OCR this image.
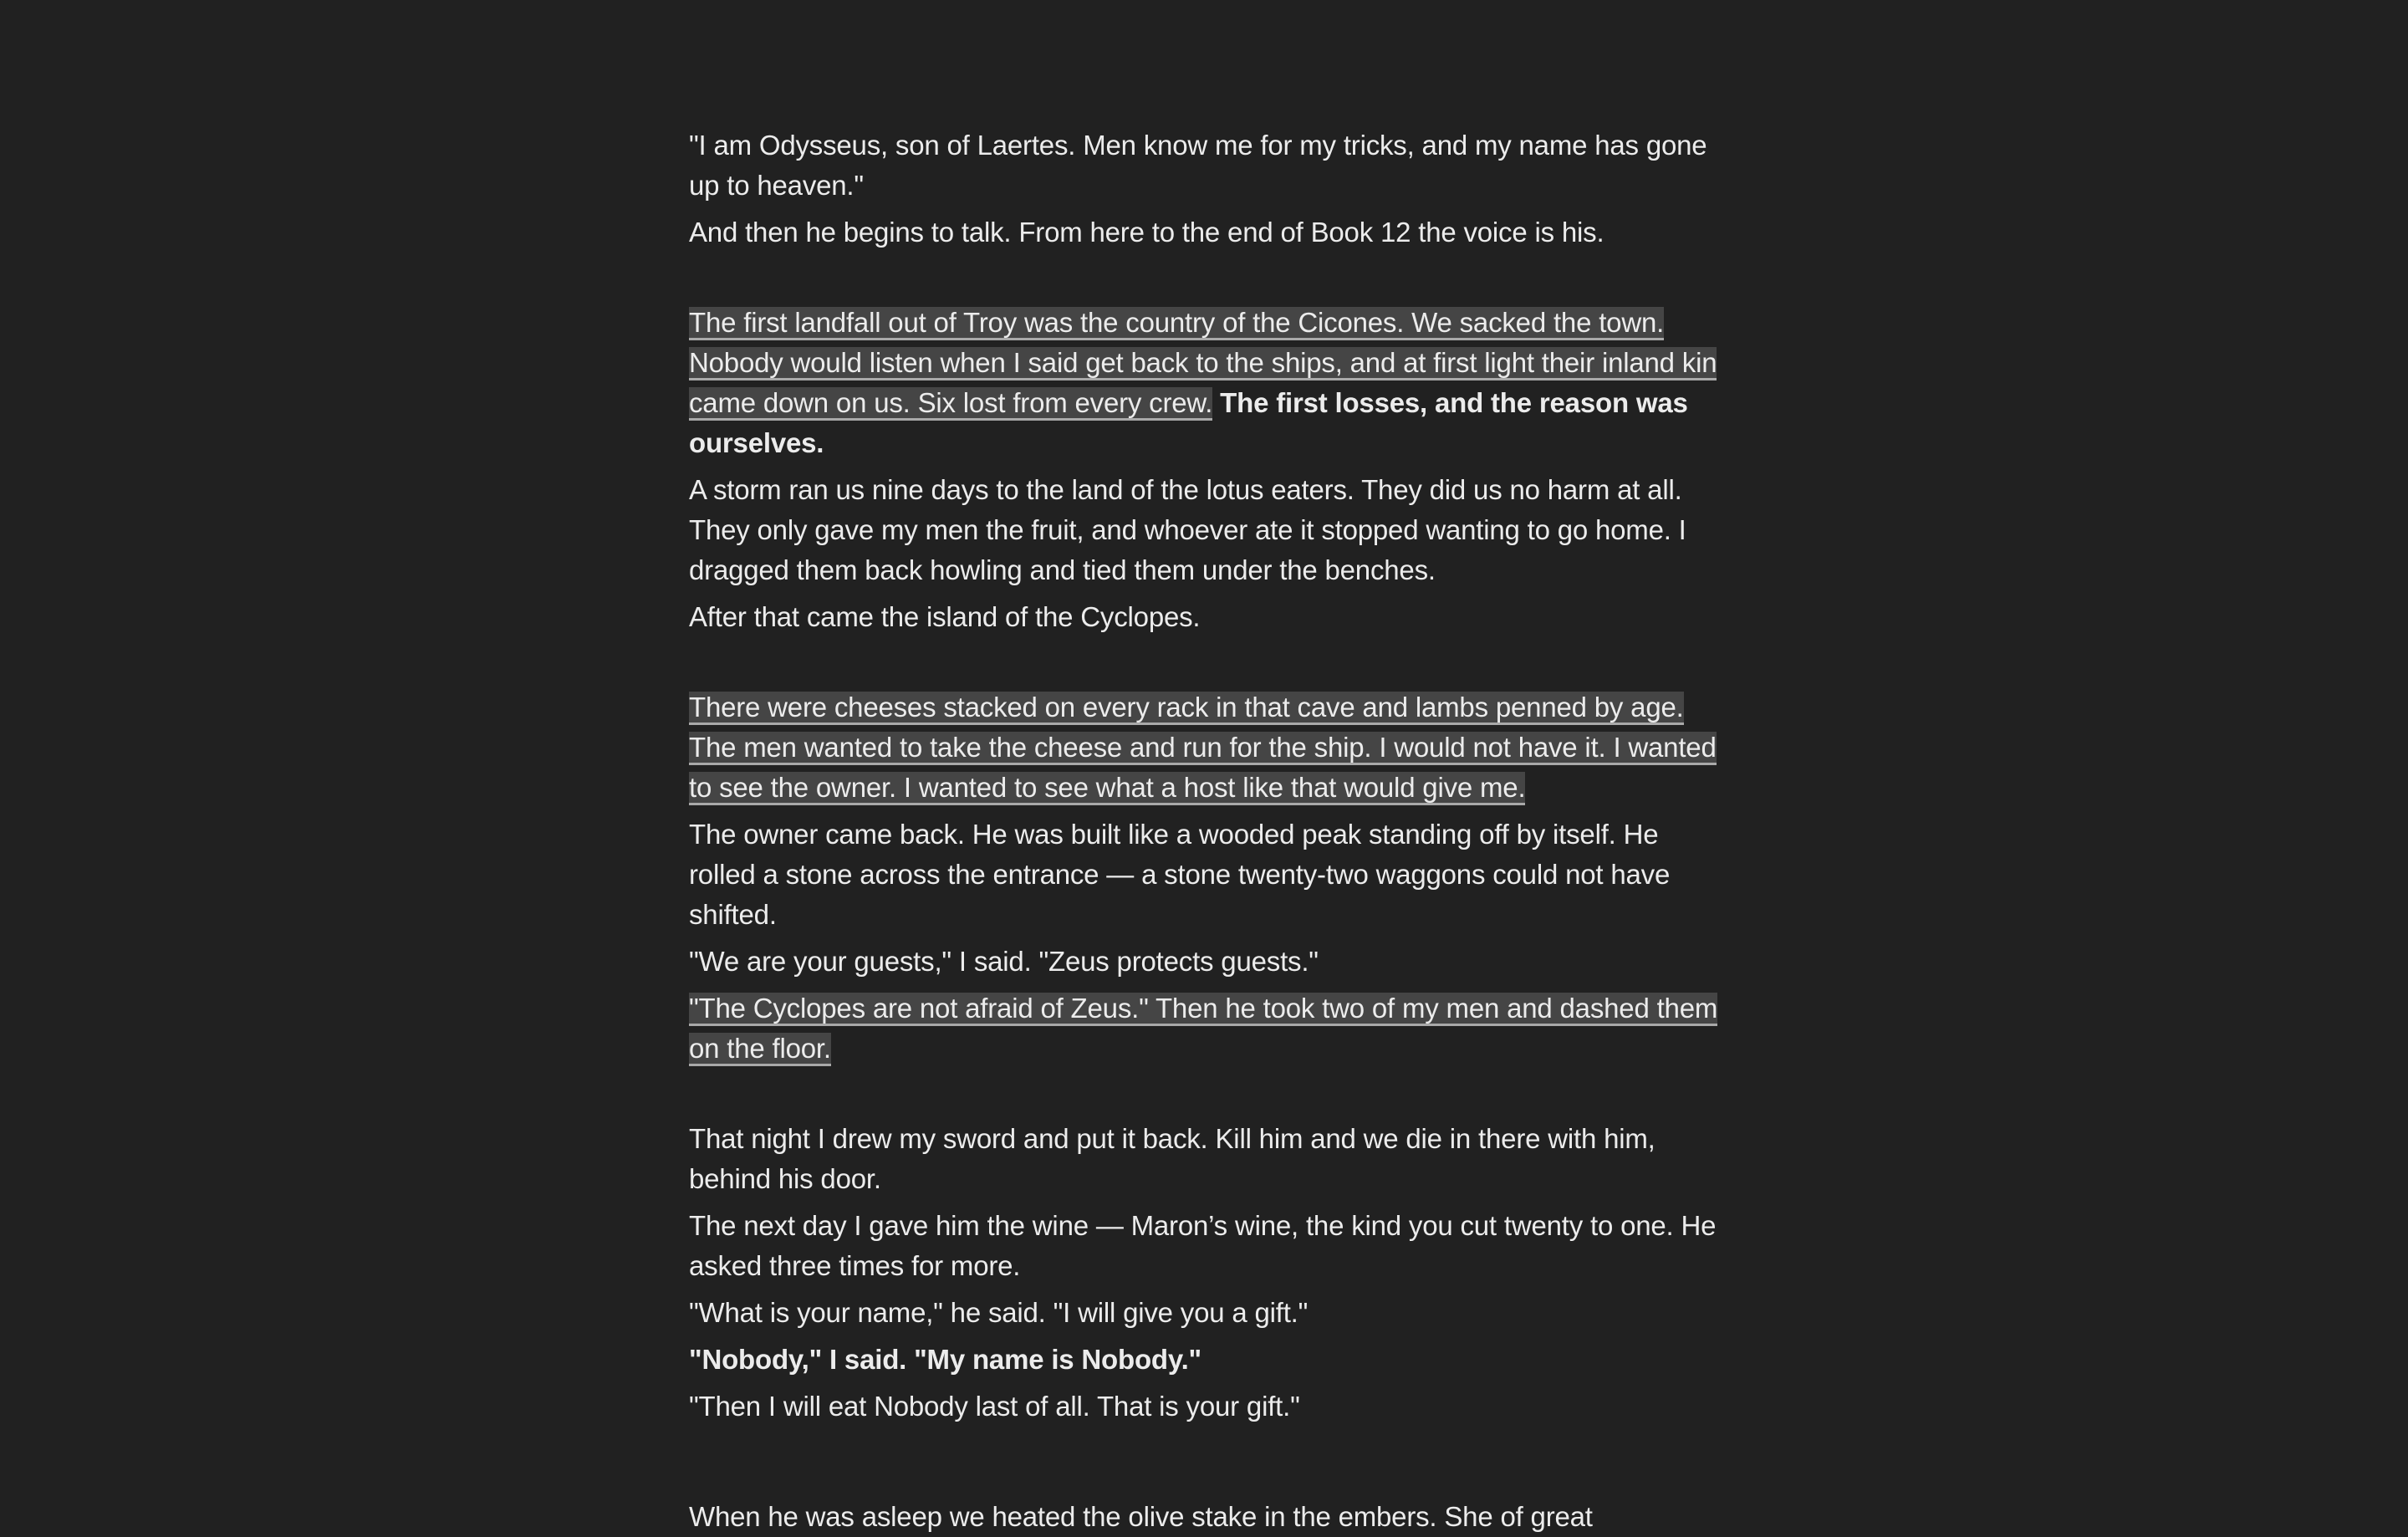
"I am Odysseus, son of Laertes. Men know me for my tricks, and my name has gone up to heaven."

And then he begins to talk. From here to the end of Book 12 the voice is his.

The first landfall out of Troy was the country of the Cicones. We sacked the town. Nobody would listen when I said get back to the ships, and at first light their inland kin came down on us. Six lost from every crew. The first losses, and the reason was ourselves.

A storm ran us nine days to the land of the lotus eaters. They did us no harm at all. They only gave my men the fruit, and whoever ate it stopped wanting to go home. I dragged them back howling and tied them under the benches.

After that came the island of the Cyclopes.

There were cheeses stacked on every rack in that cave and lambs penned by age. The men wanted to take the cheese and run for the ship. I would not have it. I wanted to see the owner. I wanted to see what a host like that would give me.

The owner came back. He was built like a wooded peak standing off by itself. He rolled a stone across the entrance — a stone twenty-two waggons could not have shifted.

"We are your guests," I said. "Zeus protects guests."

"The Cyclopes are not afraid of Zeus." Then he took two of my men and dashed them on the floor.

That night I drew my sword and put it back. Kill him and we die in there with him, behind his door.

The next day I gave him the wine — Maron’s wine, the kind you cut twenty to one. He asked three times for more.

"What is your name," he said. "I will give you a gift."

"Nobody," I said. "My name is Nobody."

"Then I will eat Nobody last of all. That is your gift."

When he was asleep we heated the olive stake in the embers. She of great
